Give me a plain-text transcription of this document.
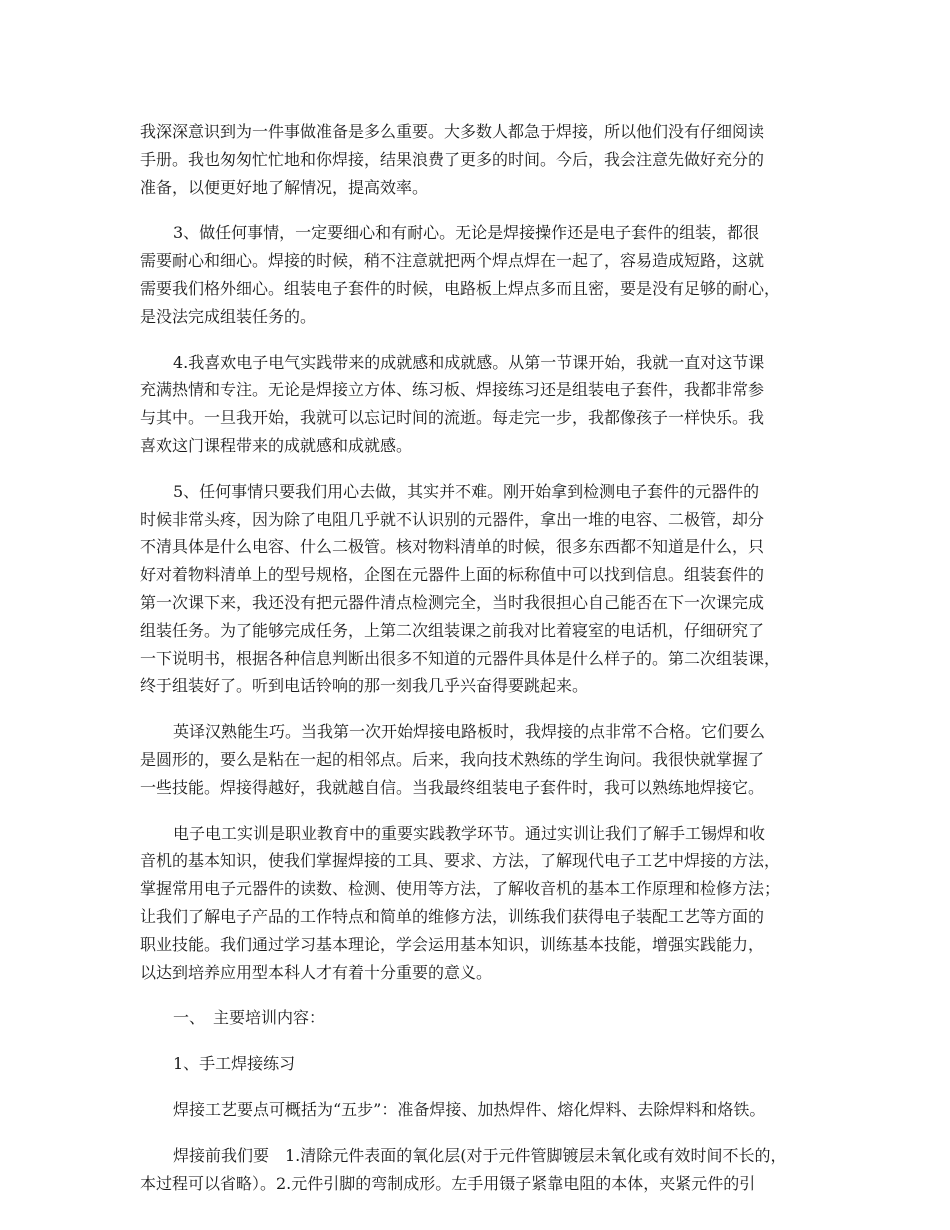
我深深意识到为一件事做准备是多么重要。大多数人都急于焊接，所以他们没有仔细阅读
手册。我也匆匆忙忙地和你焊接，结果浪费了更多的时间。今后，我会注意先做好充分的
准备，以便更好地了解情况，提高效率。
3、做任何事情，一定要细心和有耐心。无论是焊接操作还是电子套件的组装，都很
需要耐心和细心。焊接的时候，稍不注意就把两个焊点焊在一起了，容易造成短路，这就
需要我们格外细心。组装电子套件的时候，电路板上焊点多而且密，要是没有足够的耐心，
是没法完成组装任务的。
4.我喜欢电子电气实践带来的成就感和成就感。从第一节课开始，我就一直对这节课
充满热情和专注。无论是焊接立方体、练习板、焊接练习还是组装电子套件，我都非常参
与其中。一旦我开始，我就可以忘记时间的流逝。每走完一步，我都像孩子一样快乐。我
喜欢这门课程带来的成就感和成就感。
5、任何事情只要我们用心去做，其实并不难。刚开始拿到检测电子套件的元器件的
时候非常头疼，因为除了电阻几乎就不认识别的元器件，拿出一堆的电容、二极管，却分
不清具体是什么电容、什么二极管。核对物料清单的时候，很多东西都不知道是什么，只
好对着物料清单上的型号规格，企图在元器件上面的标称值中可以找到信息。组装套件的
第一次课下来，我还没有把元器件清点检测完全，当时我很担心自己能否在下一次课完成
组装任务。为了能够完成任务，上第二次组装课之前我对比着寝室的电话机，仔细研究了
一下说明书，根据各种信息判断出很多不知道的元器件具体是什么样子的。第二次组装课，
终于组装好了。听到电话铃响的那一刻我几乎兴奋得要跳起来。
英译汉熟能生巧。当我第一次开始焊接电路板时，我焊接的点非常不合格。它们要么
是圆形的，要么是粘在一起的相邻点。后来，我向技术熟练的学生询问。我很快就掌握了
一些技能。焊接得越好，我就越自信。当我最终组装电子套件时，我可以熟练地焊接它。
电子电工实训是职业教育中的重要实践教学环节。通过实训让我们了解手工锡焊和收
音机的基本知识，使我们掌握焊接的工具、要求、方法，了解现代电子工艺中焊接的方法，
掌握常用电子元器件的读数、检测、使用等方法，了解收音机的基本工作原理和检修方法；
让我们了解电子产品的工作特点和简单的维修方法，训练我们获得电子装配工艺等方面的
职业技能。我们通过学习基本理论，学会运用基本知识，训练基本技能，增强实践能力，
以达到培养应用型本科人才有着十分重要的意义。
一、　主要培训内容：
1、手工焊接练习
焊接工艺要点可概括为“五步”：准备焊接、加热焊件、熔化焊料、去除焊料和烙铁。
焊接前我们要　1.清除元件表面的氧化层(对于元件管脚镀层未氧化或有效时间不长的，
本过程可以省略）。2.元件引脚的弯制成形。左手用镊子紧靠电阻的本体，夹紧元件的引
